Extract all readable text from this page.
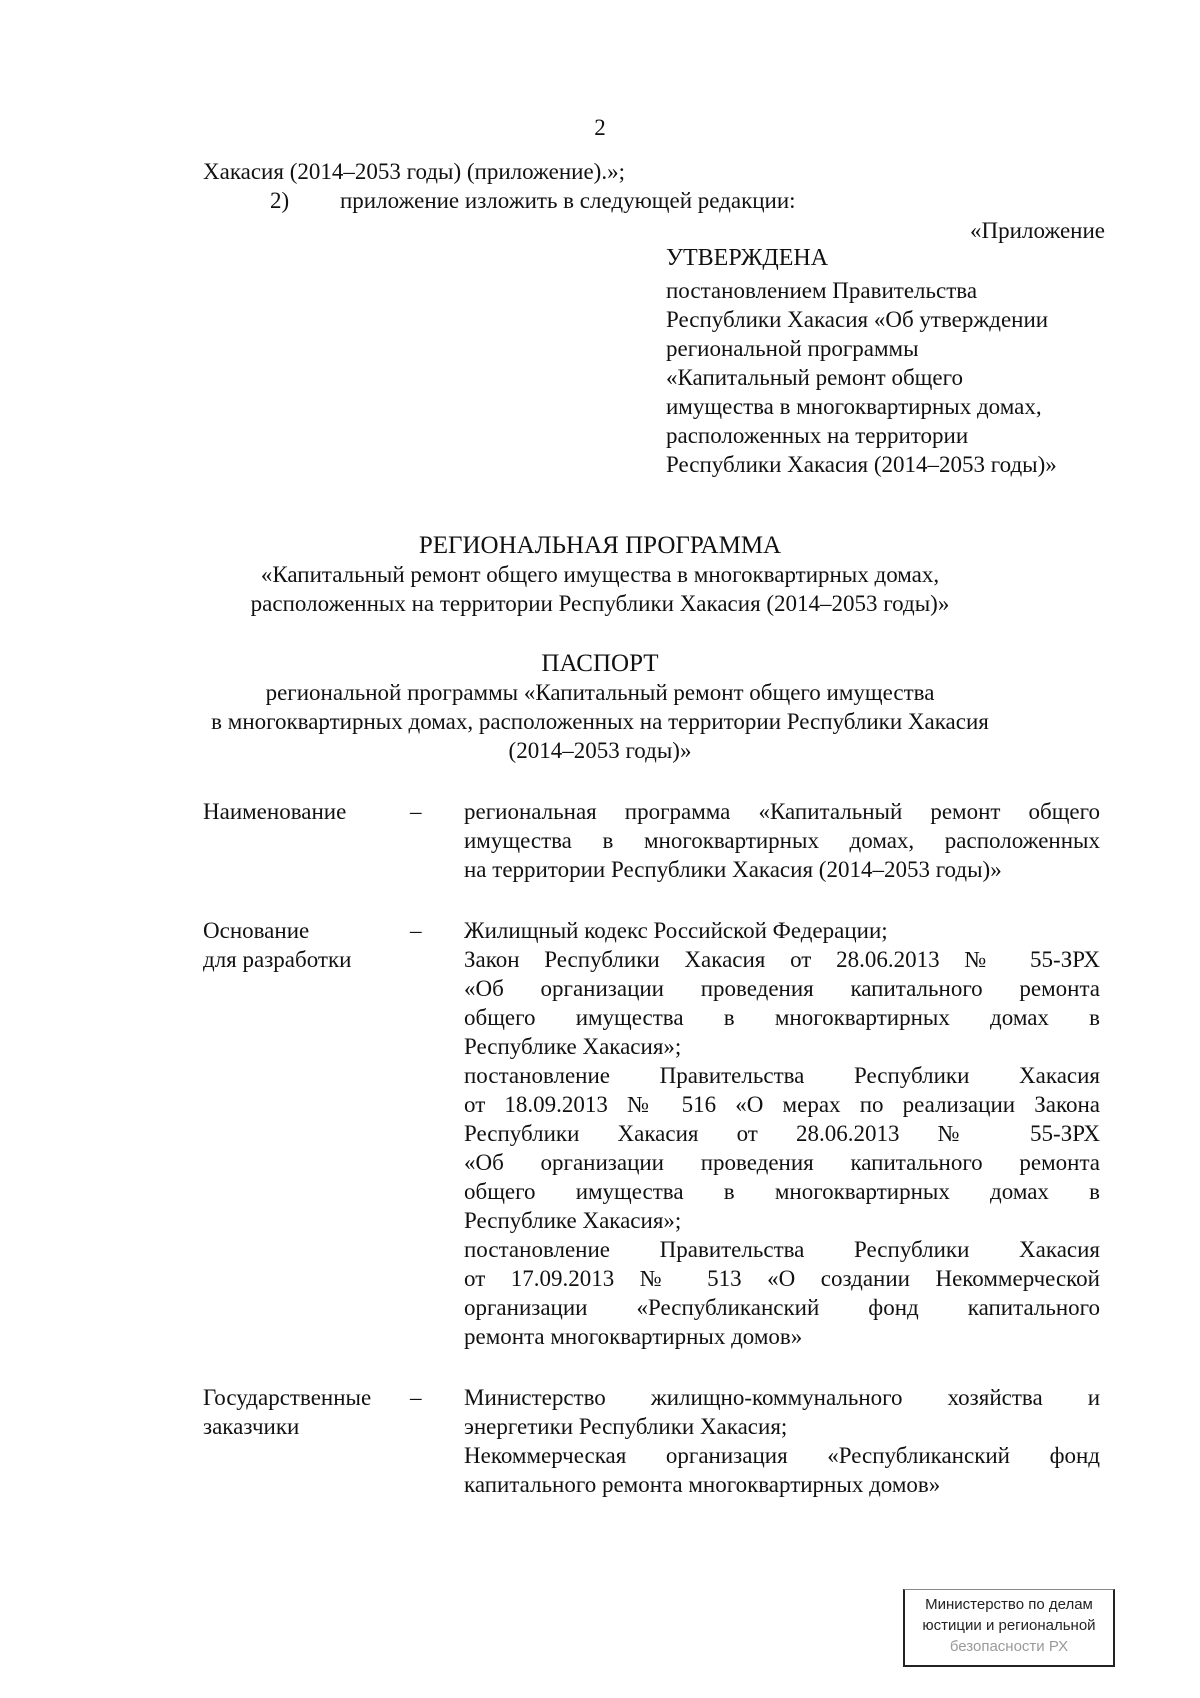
2
Хакасия (2014–2053 годы) (приложение).»;
2) приложение изложить в следующей редакции:
«Приложение
УТВЕРЖДЕНА
постановлением Правительства
Республики Хакасия «Об утверждении
региональной программы
«Капитальный ремонт общего
имущества в многоквартирных домах,
расположенных на территории
Республики Хакасия (2014–2053 годы)»
РЕГИОНАЛЬНАЯ ПРОГРАММА
«Капитальный ремонт общего имущества в многоквартирных домах,
расположенных на территории Республики Хакасия (2014–2053 годы)»
ПАСПОРТ
региональной программы «Капитальный ремонт общего имущества
в многоквартирных домах, расположенных на территории Республики Хакасия
(2014–2053 годы)»
Наименование	– региональная программа «Капитальный ремонт общего
имущества в многоквартирных домах, расположенных
на территории Республики Хакасия (2014–2053 годы)»
Основание
для разработки
– Жилищный кодекс Российской Федерации;
Закон Республики Хакасия от 28.06.2013 № 55-ЗРХ
«Об организации проведения капитального ремонта
общего имущества в многоквартирных домах в
Республике Хакасия»;
постановление Правительства Республики Хакасия
от 18.09.2013 № 516 «О мерах по реализации Закона
Республики Хакасия от 28.06.2013 № 55-ЗРХ
«Об организации проведения капитального ремонта
общего имущества в многоквартирных домах в
Республике Хакасия»;
постановление Правительства Республики Хакасия
от 17.09.2013 № 513 «О создании Некоммерческой
организации «Республиканский фонд капитального
ремонта многоквартирных домов»
Государственные
заказчики
– Министерство жилищно-коммунального хозяйства и
энергетики Республики Хакасия;
Некоммерческая организация «Республиканский фонд
капитального ремонта многоквартирных домов»
Министерство по делам
юстиции и региональной
безопасности РХ
